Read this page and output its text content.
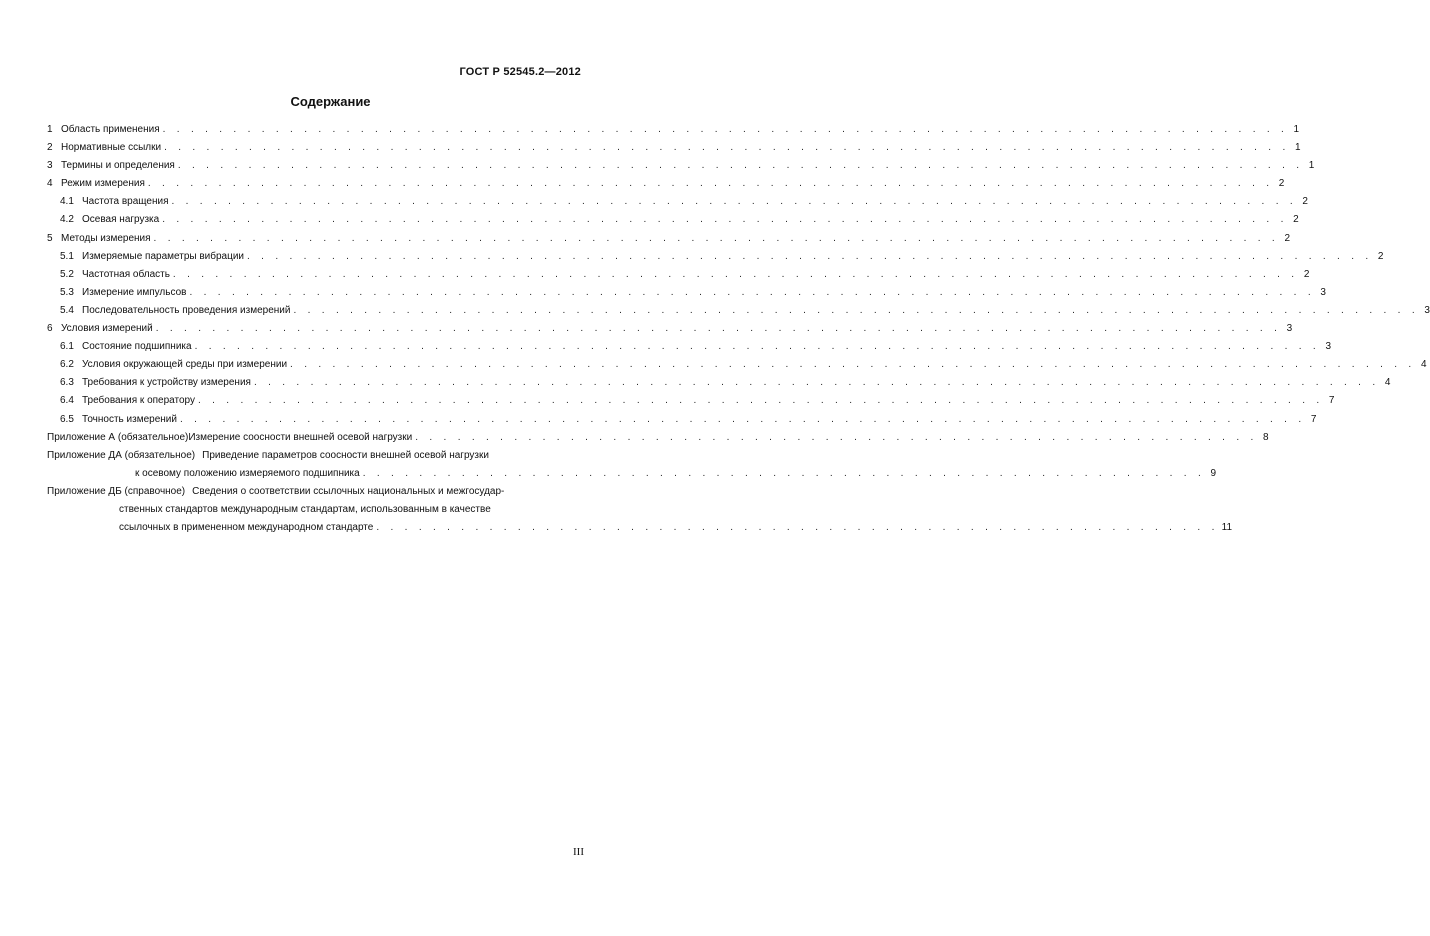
ГОСТ Р 52545.2—2012
Содержание
1 Область применения . . . . . . . . . . . . . . . . . . . . . . . . . . . . . . . . . . . . . . . . . . . . . . . . . . . . . . . . . . . . . . . . . . . . . . . . . . . . . . . . 1
2 Нормативные ссылки . . . . . . . . . . . . . . . . . . . . . . . . . . . . . . . . . . . . . . . . . . . . . . . . . . . . . . . . . . . . . . . . . . . . . . . . . . . . . . . . 1
3 Термины и определения . . . . . . . . . . . . . . . . . . . . . . . . . . . . . . . . . . . . . . . . . . . . . . . . . . . . . . . . . . . . . . . . . . . . . . . . . . . . . . . . 1
4 Режим измерения . . . . . . . . . . . . . . . . . . . . . . . . . . . . . . . . . . . . . . . . . . . . . . . . . . . . . . . . . . . . . . . . . . . . . . . . . . . . . . . . 2
4.1 Частота вращения . . . . . . . . . . . . . . . . . . . . . . . . . . . . . . . . . . . . . . . . . . . . . . . . . . . . . . . . . . . . . . . . . . . . . . . . . . . . . . . . 2
4.2 Осевая нагрузка . . . . . . . . . . . . . . . . . . . . . . . . . . . . . . . . . . . . . . . . . . . . . . . . . . . . . . . . . . . . . . . . . . . . . . . . . . . . . . . . 2
5 Методы измерения . . . . . . . . . . . . . . . . . . . . . . . . . . . . . . . . . . . . . . . . . . . . . . . . . . . . . . . . . . . . . . . . . . . . . . . . . . . . . . . . 2
5.1 Измеряемые параметры вибрации . . . . . . . . . . . . . . . . . . . . . . . . . . . . . . . . . . . . . . . . . . . . . . . . . . . . . . . . . . . . . . . . . . . . . . . . . . . . . . . . 2
5.2 Частотная область . . . . . . . . . . . . . . . . . . . . . . . . . . . . . . . . . . . . . . . . . . . . . . . . . . . . . . . . . . . . . . . . . . . . . . . . . . . . . . . . 2
5.3 Измерение импульсов . . . . . . . . . . . . . . . . . . . . . . . . . . . . . . . . . . . . . . . . . . . . . . . . . . . . . . . . . . . . . . . . . . . . . . . . . . . . . . . . 3
5.4 Последовательность проведения измерений . . . . . . . . . . . . . . . . . . . . . . . . . . . . . . . . . . . . . . . . . . . . . . . . . . . . . . . . . . . . . . . . . . . . . . . . . . . . . . . . 3
6 Условия измерений . . . . . . . . . . . . . . . . . . . . . . . . . . . . . . . . . . . . . . . . . . . . . . . . . . . . . . . . . . . . . . . . . . . . . . . . . . . . . . . . 3
6.1 Состояние подшипника . . . . . . . . . . . . . . . . . . . . . . . . . . . . . . . . . . . . . . . . . . . . . . . . . . . . . . . . . . . . . . . . . . . . . . . . . . . . . . . . 3
6.2 Условия окружающей среды при измерении . . . . . . . . . . . . . . . . . . . . . . . . . . . . . . . . . . . . . . . . . . . . . . . . . . . . . . . . . . . . . . . . . . . . . . . . . . . . . . . . 4
6.3 Требования к устройству измерения . . . . . . . . . . . . . . . . . . . . . . . . . . . . . . . . . . . . . . . . . . . . . . . . . . . . . . . . . . . . . . . . . . . . . . . . . . . . . . . . 4
6.4 Требования к оператору . . . . . . . . . . . . . . . . . . . . . . . . . . . . . . . . . . . . . . . . . . . . . . . . . . . . . . . . . . . . . . . . . . . . . . . . . . . . . . . . 7
6.5 Точность измерений . . . . . . . . . . . . . . . . . . . . . . . . . . . . . . . . . . . . . . . . . . . . . . . . . . . . . . . . . . . . . . . . . . . . . . . . . . . . . . . . 7
Приложение А (обязательное) Измерение соосности внешней осевой нагрузки . . . . . . . . . . . . . . . . . . . . . . . . . . . . . . . . . . . . . . . . . . . . . . . . . . . . . . . . . . . . 8
Приложение ДА (обязательное) Приведение параметров соосности внешней осевой нагрузки
к осевому положению измеряемого подшипника . . . . . . . . . . . . . . . . . . . . . . . . . . . . . . . . . . . . . . . . . . . . . . . . . . . . . . . . . . . . 9
Приложение ДБ (справочное) Сведения о соответствии ссылочных национальных и межгосудар-
ственных стандартов международным стандартам, использованным в качестве
ссылочных в примененном международном стандарте . . . . . . . . . . . . . . . . . . . . . . . . . . . . . . . . . . . . . . . . . . . . . . . . . . . . . . . . . . . . 11
III
